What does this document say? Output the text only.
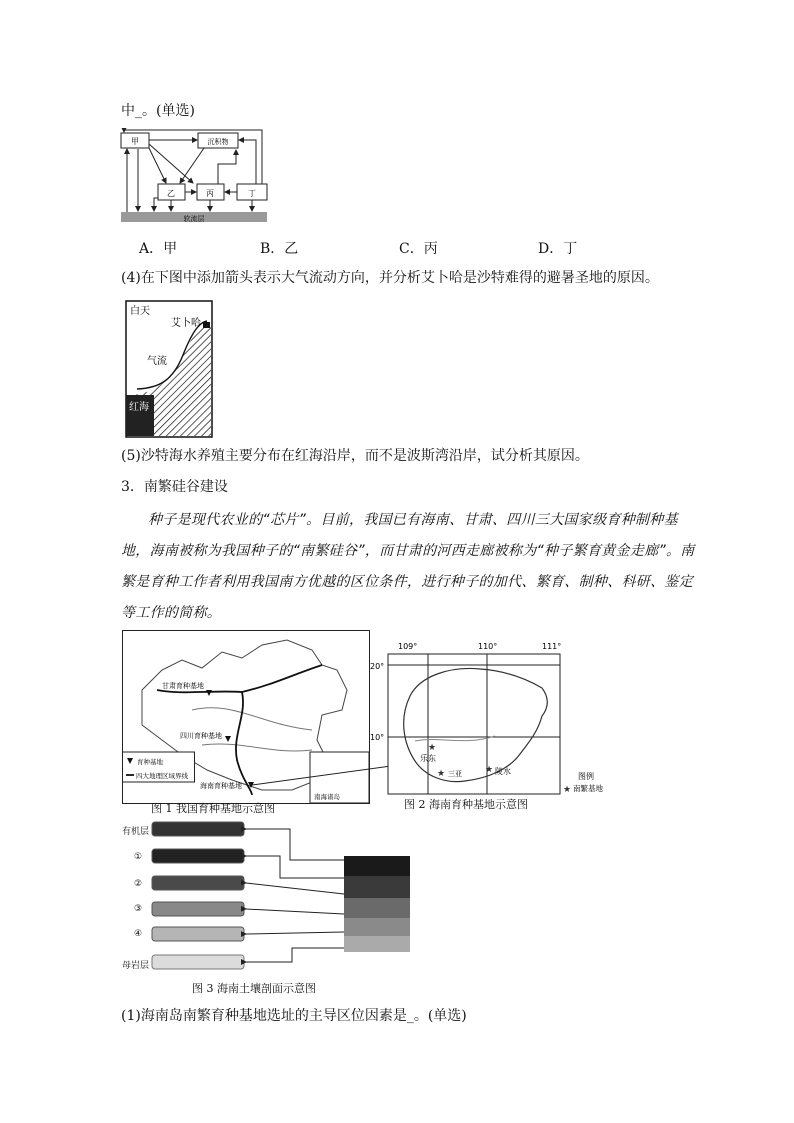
中_。(单选)
软流层
甲	沉积物
乙	丙	丁
A．甲	B．乙	C．丙	D．丁
(4)在下图中添加箭头表示大气流动方向，并分析艾卜哈是沙特难得的避暑圣地的原因。
白天
艾卜哈
气流
红海
(5)沙特海水养殖主要分布在红海沿岸，而不是波斯湾沿岸，试分析其原因。
3．南繁硅谷建设
种子是现代农业的“芯片”。目前，我国已有海南、甘肃、四川三大国家级育种制种基
地，海南被称为我国种子的“南繁硅谷”，而甘肃的河西走廊被称为“种子繁育黄金走廊”。南
繁是育种工作者利用我国南方优越的区位条件，进行种子的加代、繁育、制种、科研、鉴定
等工作的简称。
甘肃育种基地
四川育种基地
海南育种基地
育种基地
四大地理区域界线
南海诸岛
图 1 我国育种基地示意图
109°	110°	111°
20°
10°
★
乐东
★ 三亚	★ 陵水
图例
★ 南繁基地
图 2 海南育种基地示意图
有机层
①
②
③
④
母岩层
图 3 海南土壤剖面示意图
(1)海南岛南繁育种基地选址的主导区位因素是_。(单选)
